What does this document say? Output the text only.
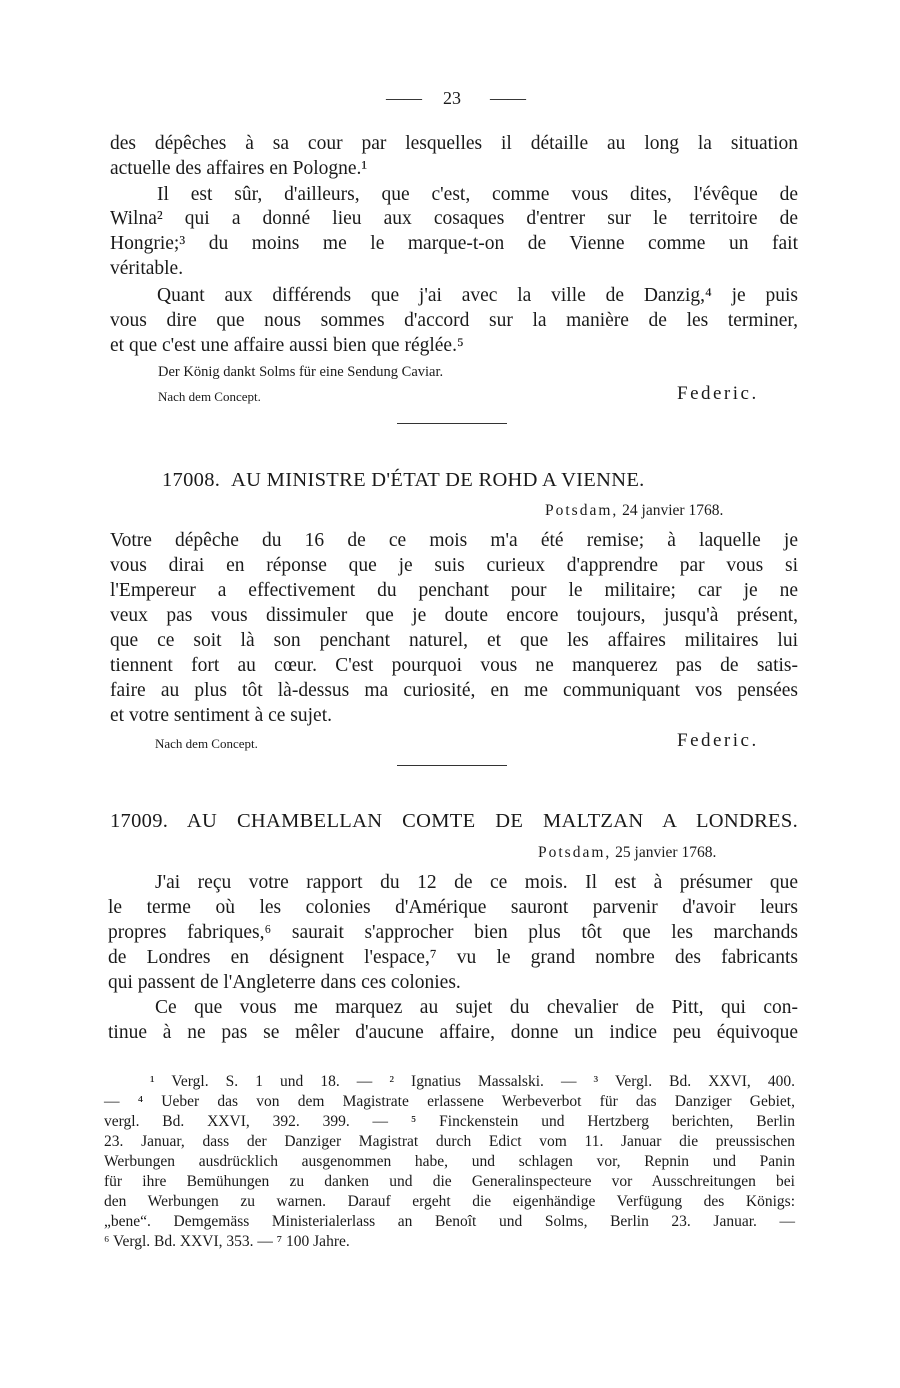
—— 23 ——
des dépêches à sa cour par lesquelles il détaille au long la situation
actuelle des affaires en Pologne.¹
Il est sûr, d'ailleurs, que c'est, comme vous dites, l'évêque de
Wilna² qui a donné lieu aux cosaques d'entrer sur le territoire de
Hongrie;³ du moins me le marque-t-on de Vienne comme un fait
véritable.
Quant aux différends que j'ai avec la ville de Danzig,⁴ je puis
vous dire que nous sommes d'accord sur la manière de les terminer,
et que c'est une affaire aussi bien que réglée.⁵
Der König dankt Solms für eine Sendung Caviar.
Nach dem Concept.	Federic.
17008. AU MINISTRE D'ÉTAT DE ROHD A VIENNE.
Potsdam, 24 janvier 1768.
Votre dépêche du 16 de ce mois m'a été remise; à laquelle je
vous dirai en réponse que je suis curieux d'apprendre par vous si
l'Empereur a effectivement du penchant pour le militaire; car je ne
veux pas vous dissimuler que je doute encore toujours, jusqu'à présent,
que ce soit là son penchant naturel, et que les affaires militaires lui
tiennent fort au cœur. C'est pourquoi vous ne manquerez pas de satis-
faire au plus tôt là-dessus ma curiosité, en me communiquant vos pensées
et votre sentiment à ce sujet.
Nach dem Concept.	Federic.
17009. AU CHAMBELLAN COMTE DE MALTZAN A LONDRES.
Potsdam, 25 janvier 1768.
J'ai reçu votre rapport du 12 de ce mois. Il est à présumer que
le terme où les colonies d'Amérique sauront parvenir d'avoir leurs
propres fabriques,⁶ saurait s'approcher bien plus tôt que les marchands
de Londres en désignent l'espace,⁷ vu le grand nombre des fabricants
qui passent de l'Angleterre dans ces colonies.
Ce que vous me marquez au sujet du chevalier de Pitt, qui con-
tinue à ne pas se mêler d'aucune affaire, donne un indice peu équivoque
¹ Vergl. S. 1 und 18. — ² Ignatius Massalski. — ³ Vergl. Bd. XXVI, 400.
— ⁴ Ueber das von dem Magistrate erlassene Werbeverbot für das Danziger Gebiet,
vergl. Bd. XXVI, 392. 399. — ⁵ Finckenstein und Hertzberg berichten, Berlin
23. Januar, dass der Danziger Magistrat durch Edict vom 11. Januar die preussischen
Werbungen ausdrücklich ausgenommen habe, und schlagen vor, Repnin und Panin
für ihre Bemühungen zu danken und die Generalinspecteure vor Ausschreitungen bei
den Werbungen zu warnen. Darauf ergeht die eigenhändige Verfügung des Königs:
„bene“. Demgemäss Ministerialerlass an Benoît und Solms, Berlin 23. Januar. —
⁶ Vergl. Bd. XXVI, 353. — ⁷ 100 Jahre.
